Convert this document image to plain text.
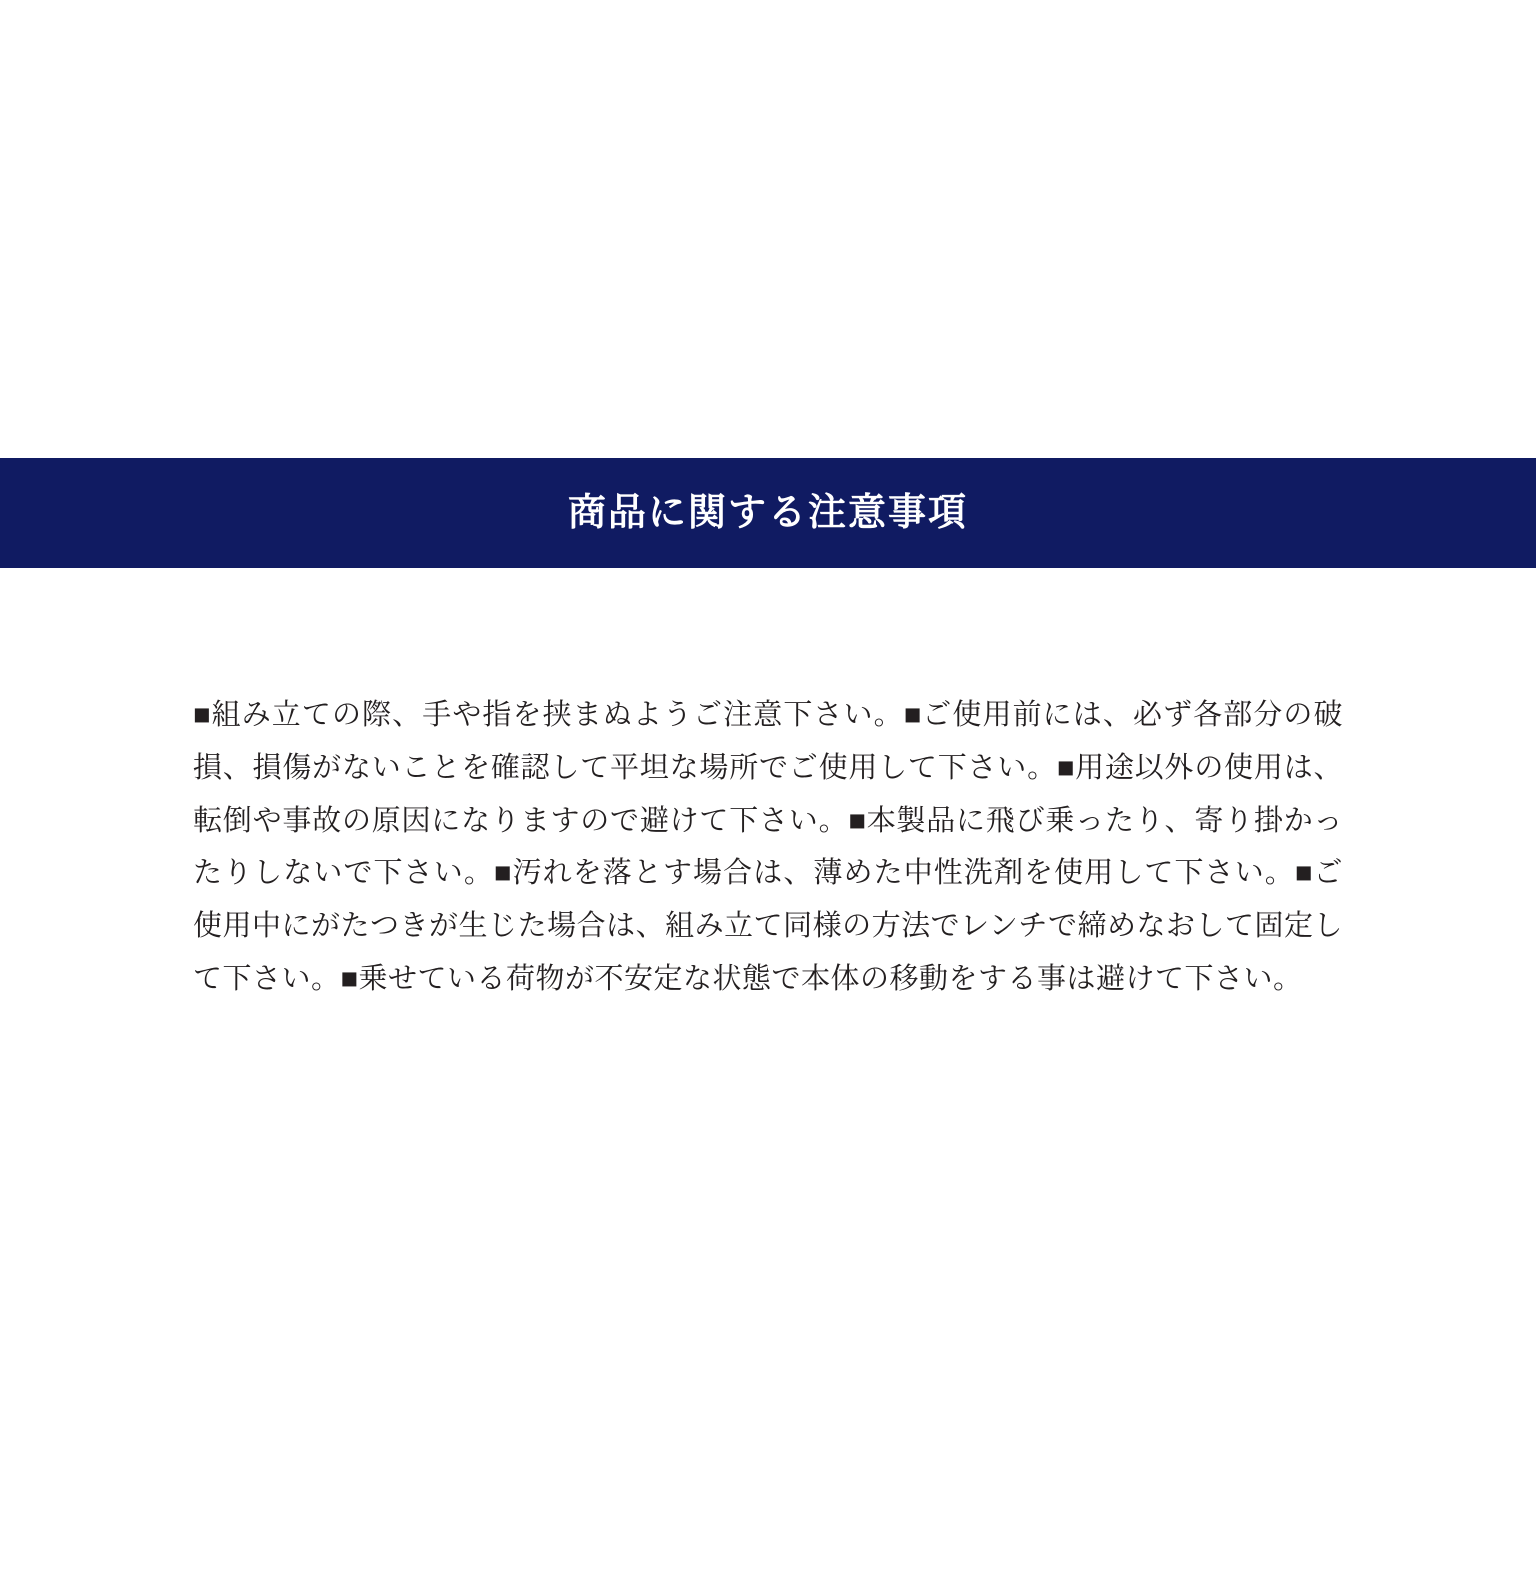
商品に関する注意事項

■組み立ての際、手や指を挟まぬようご注意下さい。■ご使用前には、必ず各部分の破損、損傷がないことを確認して平坦な場所でご使用して下さい。■用途以外の使用は、転倒や事故の原因になりますので避けて下さい。■本製品に飛び乗ったり、寄り掛かったりしないで下さい。■汚れを落とす場合は、薄めた中性洗剤を使用して下さい。■ご使用中にがたつきが生じた場合は、組み立て同様の方法でレンチで締めなおして固定して下さい。■乗せている荷物が不安定な状態で本体の移動をする事は避けて下さい。
